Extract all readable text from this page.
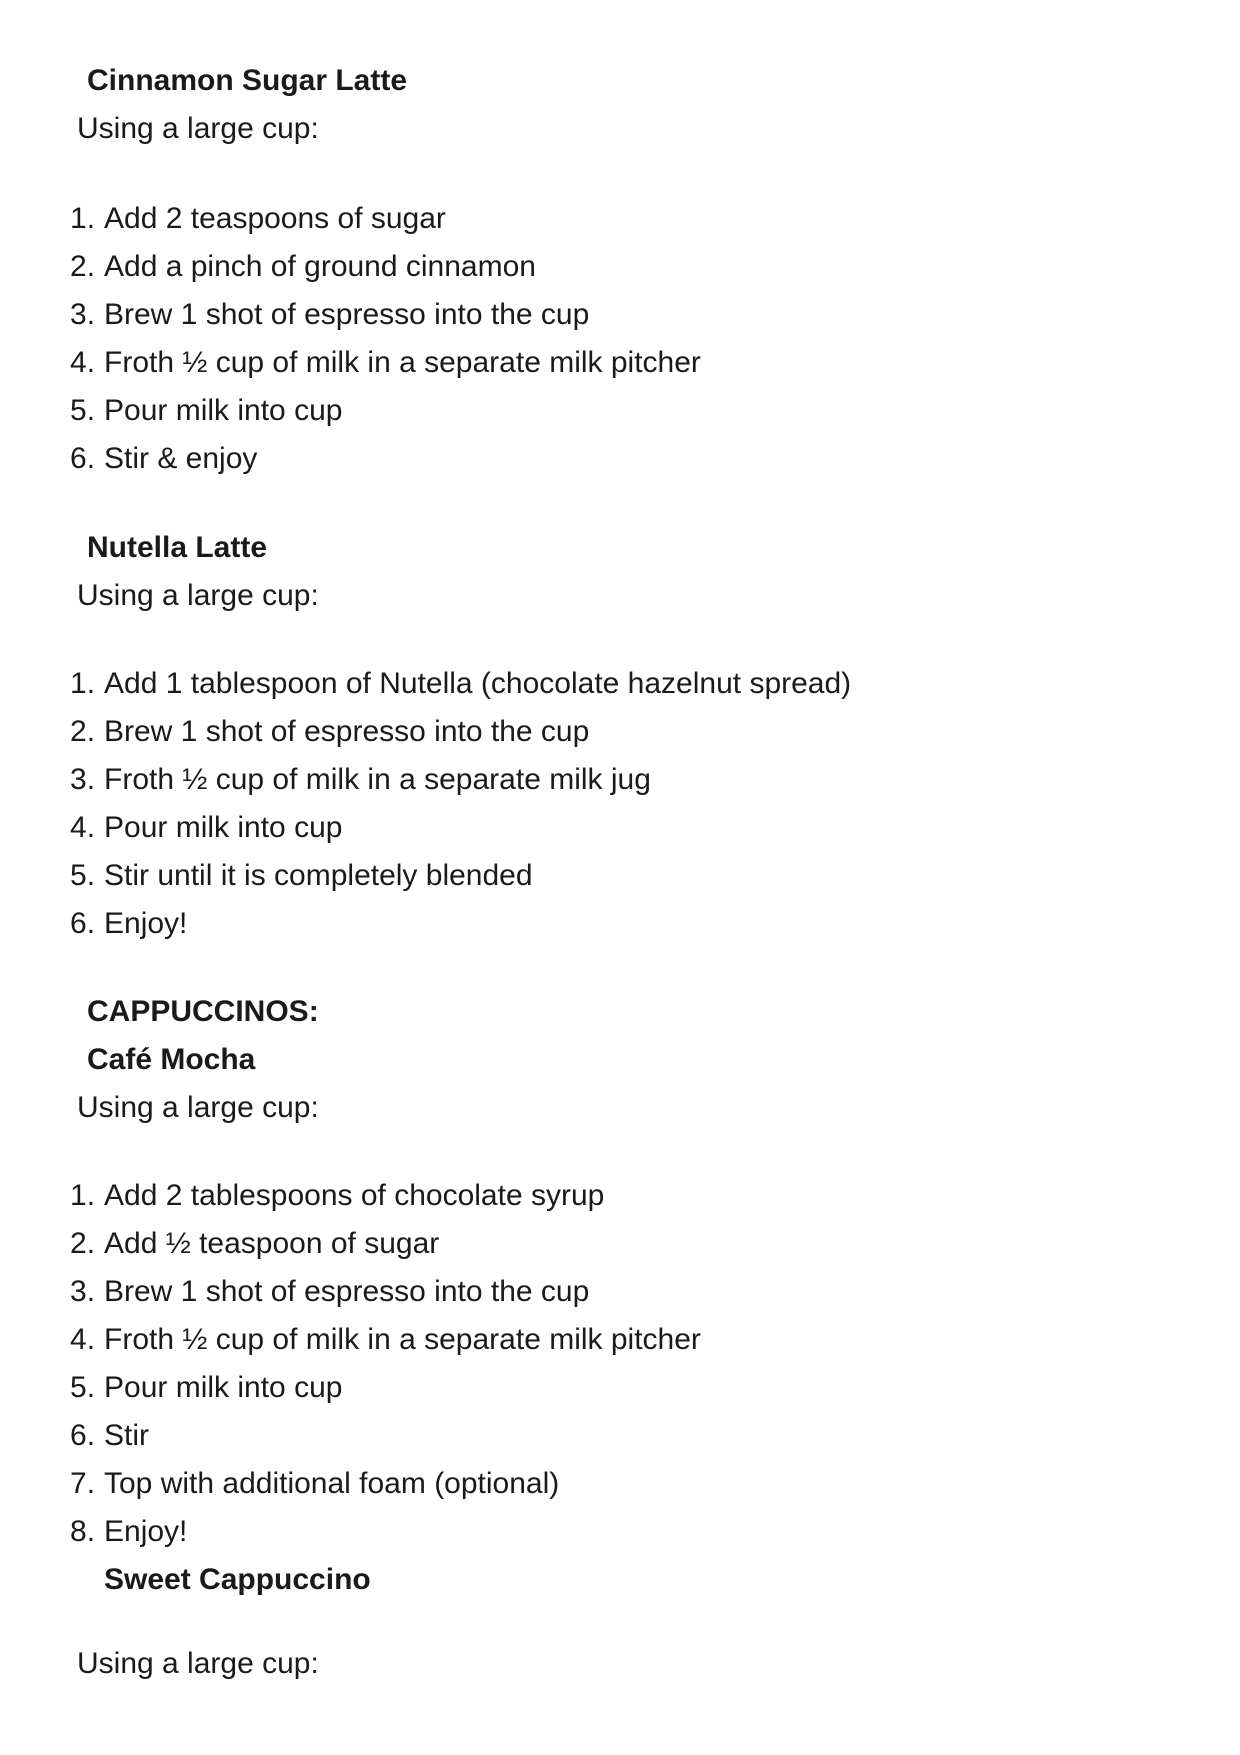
Cinnamon Sugar Latte
Using a large cup:
Add 2 teaspoons of sugar
Add a pinch of ground cinnamon
Brew 1 shot of espresso into the cup
Froth ½ cup of milk in a separate milk pitcher
Pour milk into cup
Stir & enjoy
Nutella Latte
Using a large cup:
Add 1 tablespoon of Nutella (chocolate hazelnut spread)
Brew 1 shot of espresso into the cup
Froth ½ cup of milk in a separate milk jug
Pour milk into cup
Stir until it is completely blended
Enjoy!
CAPPUCCINOS:
Café Mocha
Using a large cup:
Add 2 tablespoons of chocolate syrup
Add ½ teaspoon of sugar
Brew 1 shot of espresso into the cup
Froth ½ cup of milk in a separate milk pitcher
Pour milk into cup
Stir
Top with additional foam (optional)
Enjoy!
Sweet Cappuccino
Using a large cup:
